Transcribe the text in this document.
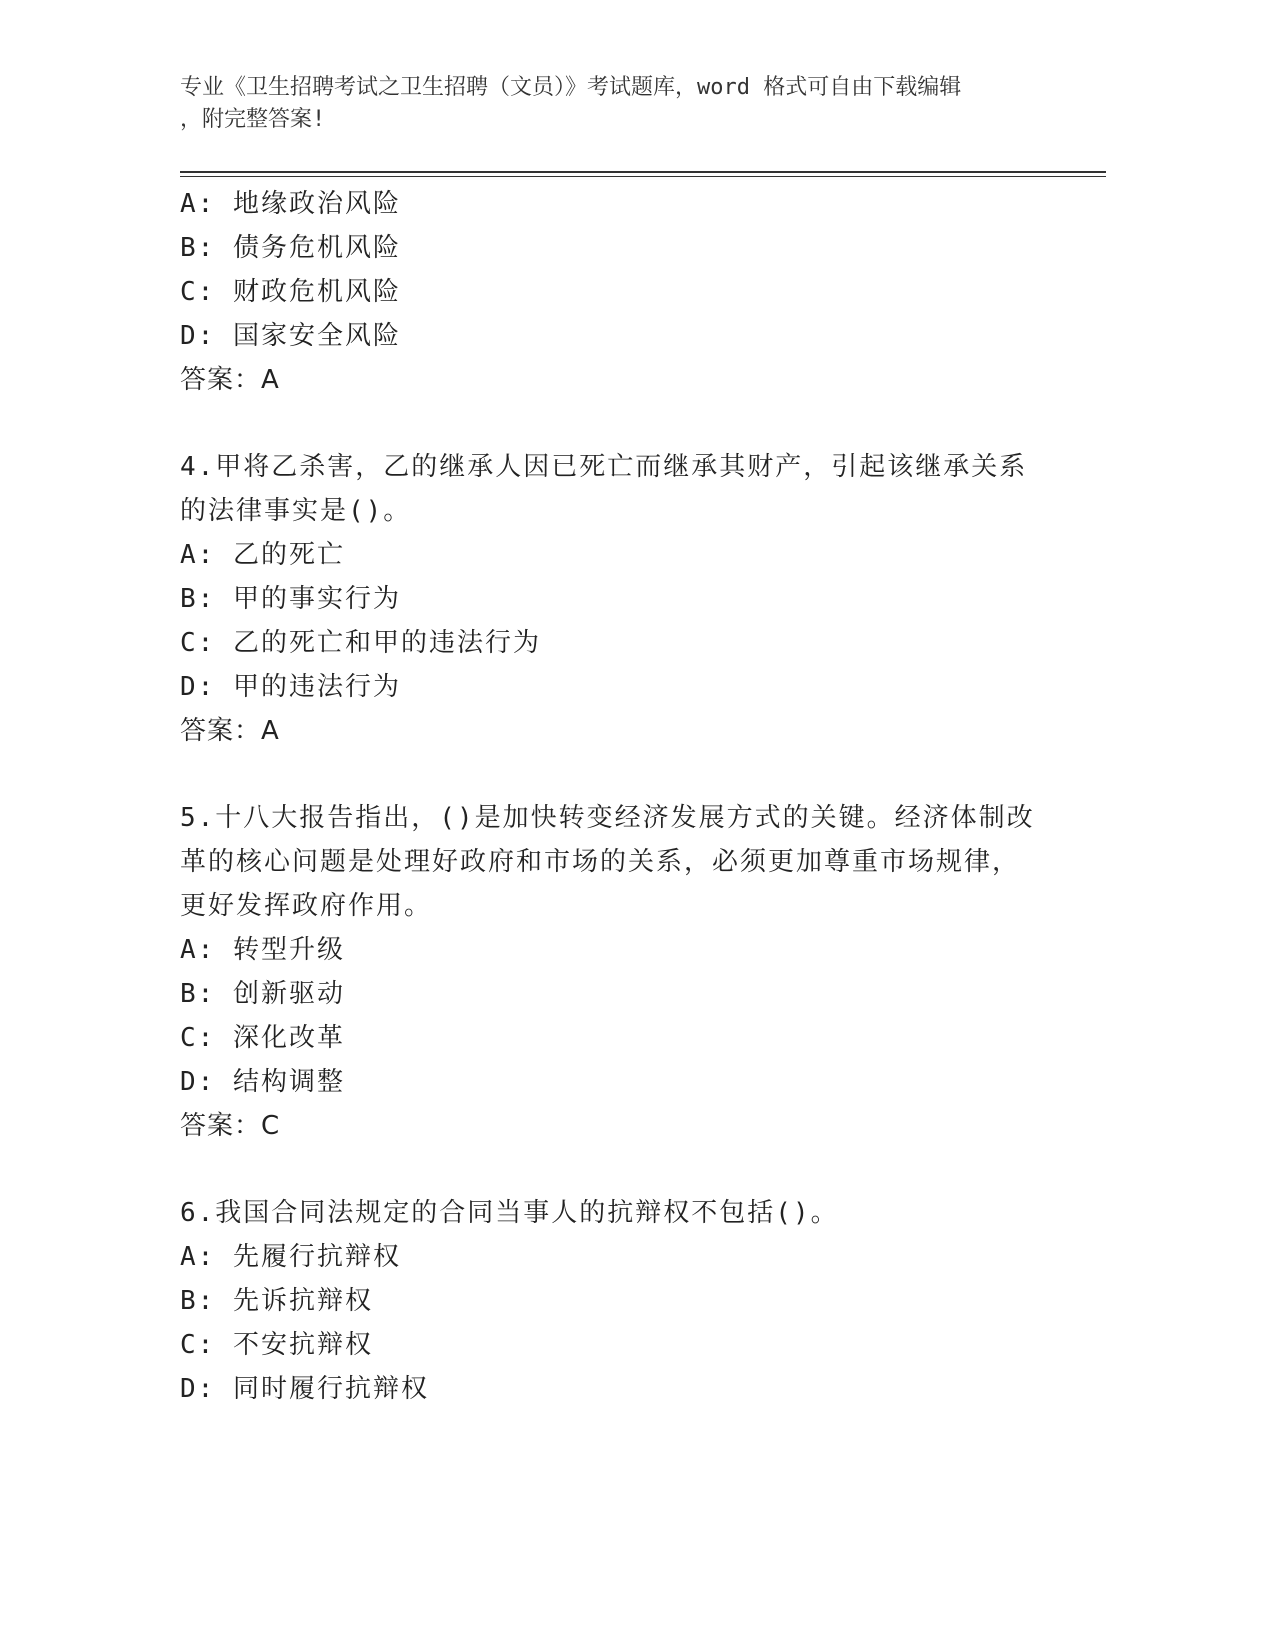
专业《卫生招聘考试之卫生招聘（文员）》考试题库，word 格式可自由下载编辑
，附完整答案!
A: 地缘政治风险
B: 债务危机风险
C: 财政危机风险
D: 国家安全风险
答案：A
4.甲将乙杀害，乙的继承人因已死亡而继承其财产，引起该继承关系
的法律事实是()。
A: 乙的死亡
B: 甲的事实行为
C: 乙的死亡和甲的违法行为
D: 甲的违法行为
答案：A
5.十八大报告指出，()是加快转变经济发展方式的关键。经济体制改
革的核心问题是处理好政府和市场的关系，必须更加尊重市场规律，
更好发挥政府作用。
A: 转型升级
B: 创新驱动
C: 深化改革
D: 结构调整
答案：C
6.我国合同法规定的合同当事人的抗辩权不包括()。
A: 先履行抗辩权
B: 先诉抗辩权
C: 不安抗辩权
D: 同时履行抗辩权
